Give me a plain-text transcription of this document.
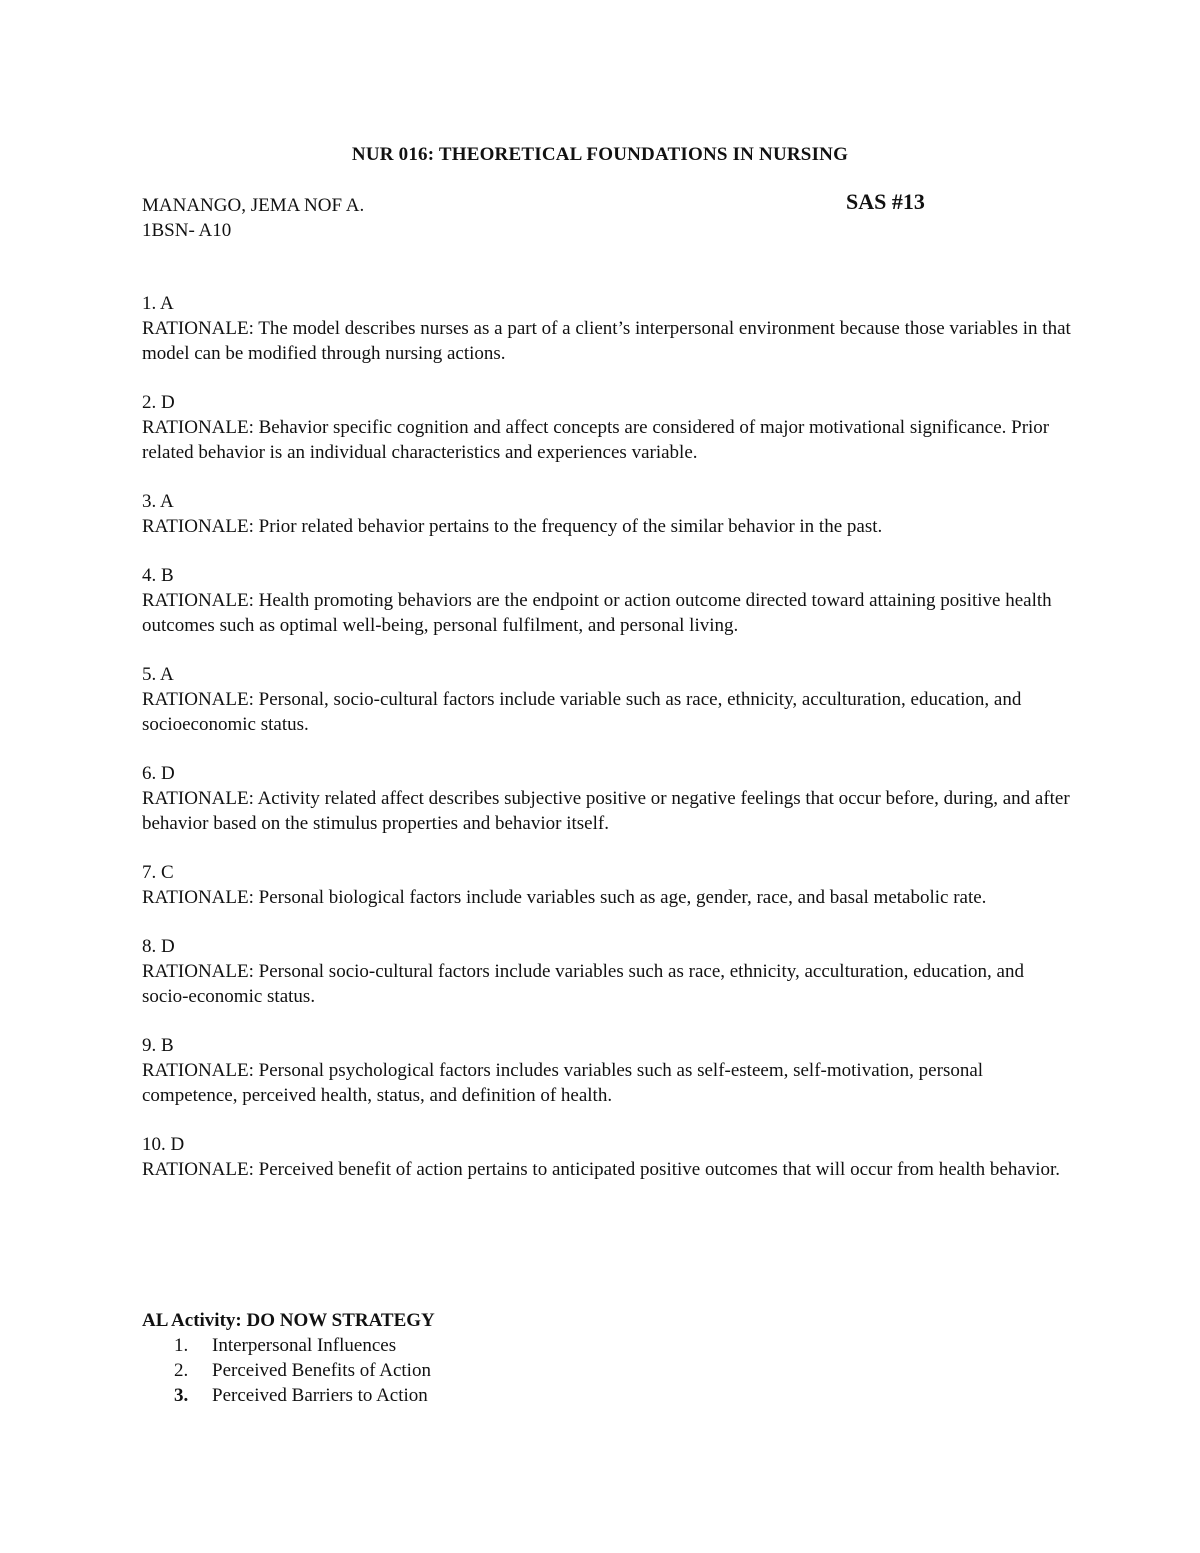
NUR 016: THEORETICAL FOUNDATIONS IN NURSING
MANANGO, JEMA NOF A.	SAS #13
1BSN- A10
1. A
RATIONALE: The model describes nurses as a part of a client’s interpersonal environment because those variables in that model can be modified through nursing actions.
2. D
RATIONALE: Behavior specific cognition and affect concepts are considered of major motivational significance. Prior related behavior is an individual characteristics and experiences variable.
3. A
RATIONALE: Prior related behavior pertains to the frequency of the similar behavior in the past.
4. B
RATIONALE: Health promoting behaviors are the endpoint or action outcome directed toward attaining positive health outcomes such as optimal well-being, personal fulfilment, and personal living.
5. A
RATIONALE: Personal, socio-cultural factors include variable such as race, ethnicity, acculturation, education, and socioeconomic status.
6. D
RATIONALE: Activity related affect describes subjective positive or negative feelings that occur before, during, and after behavior based on the stimulus properties and behavior itself.
7. C
RATIONALE: Personal biological factors include variables such as age, gender, race, and basal metabolic rate.
8. D
RATIONALE: Personal socio-cultural factors include variables such as race, ethnicity, acculturation, education, and socio-economic status.
9. B
RATIONALE: Personal psychological factors includes variables such as self-esteem, self-motivation, personal competence, perceived health, status, and definition of health.
10. D
RATIONALE: Perceived benefit of action pertains to anticipated positive outcomes that will occur from health behavior.
AL Activity: DO NOW STRATEGY
1.	Interpersonal Influences
2.	Perceived Benefits of Action
3.	Perceived Barriers to Action
